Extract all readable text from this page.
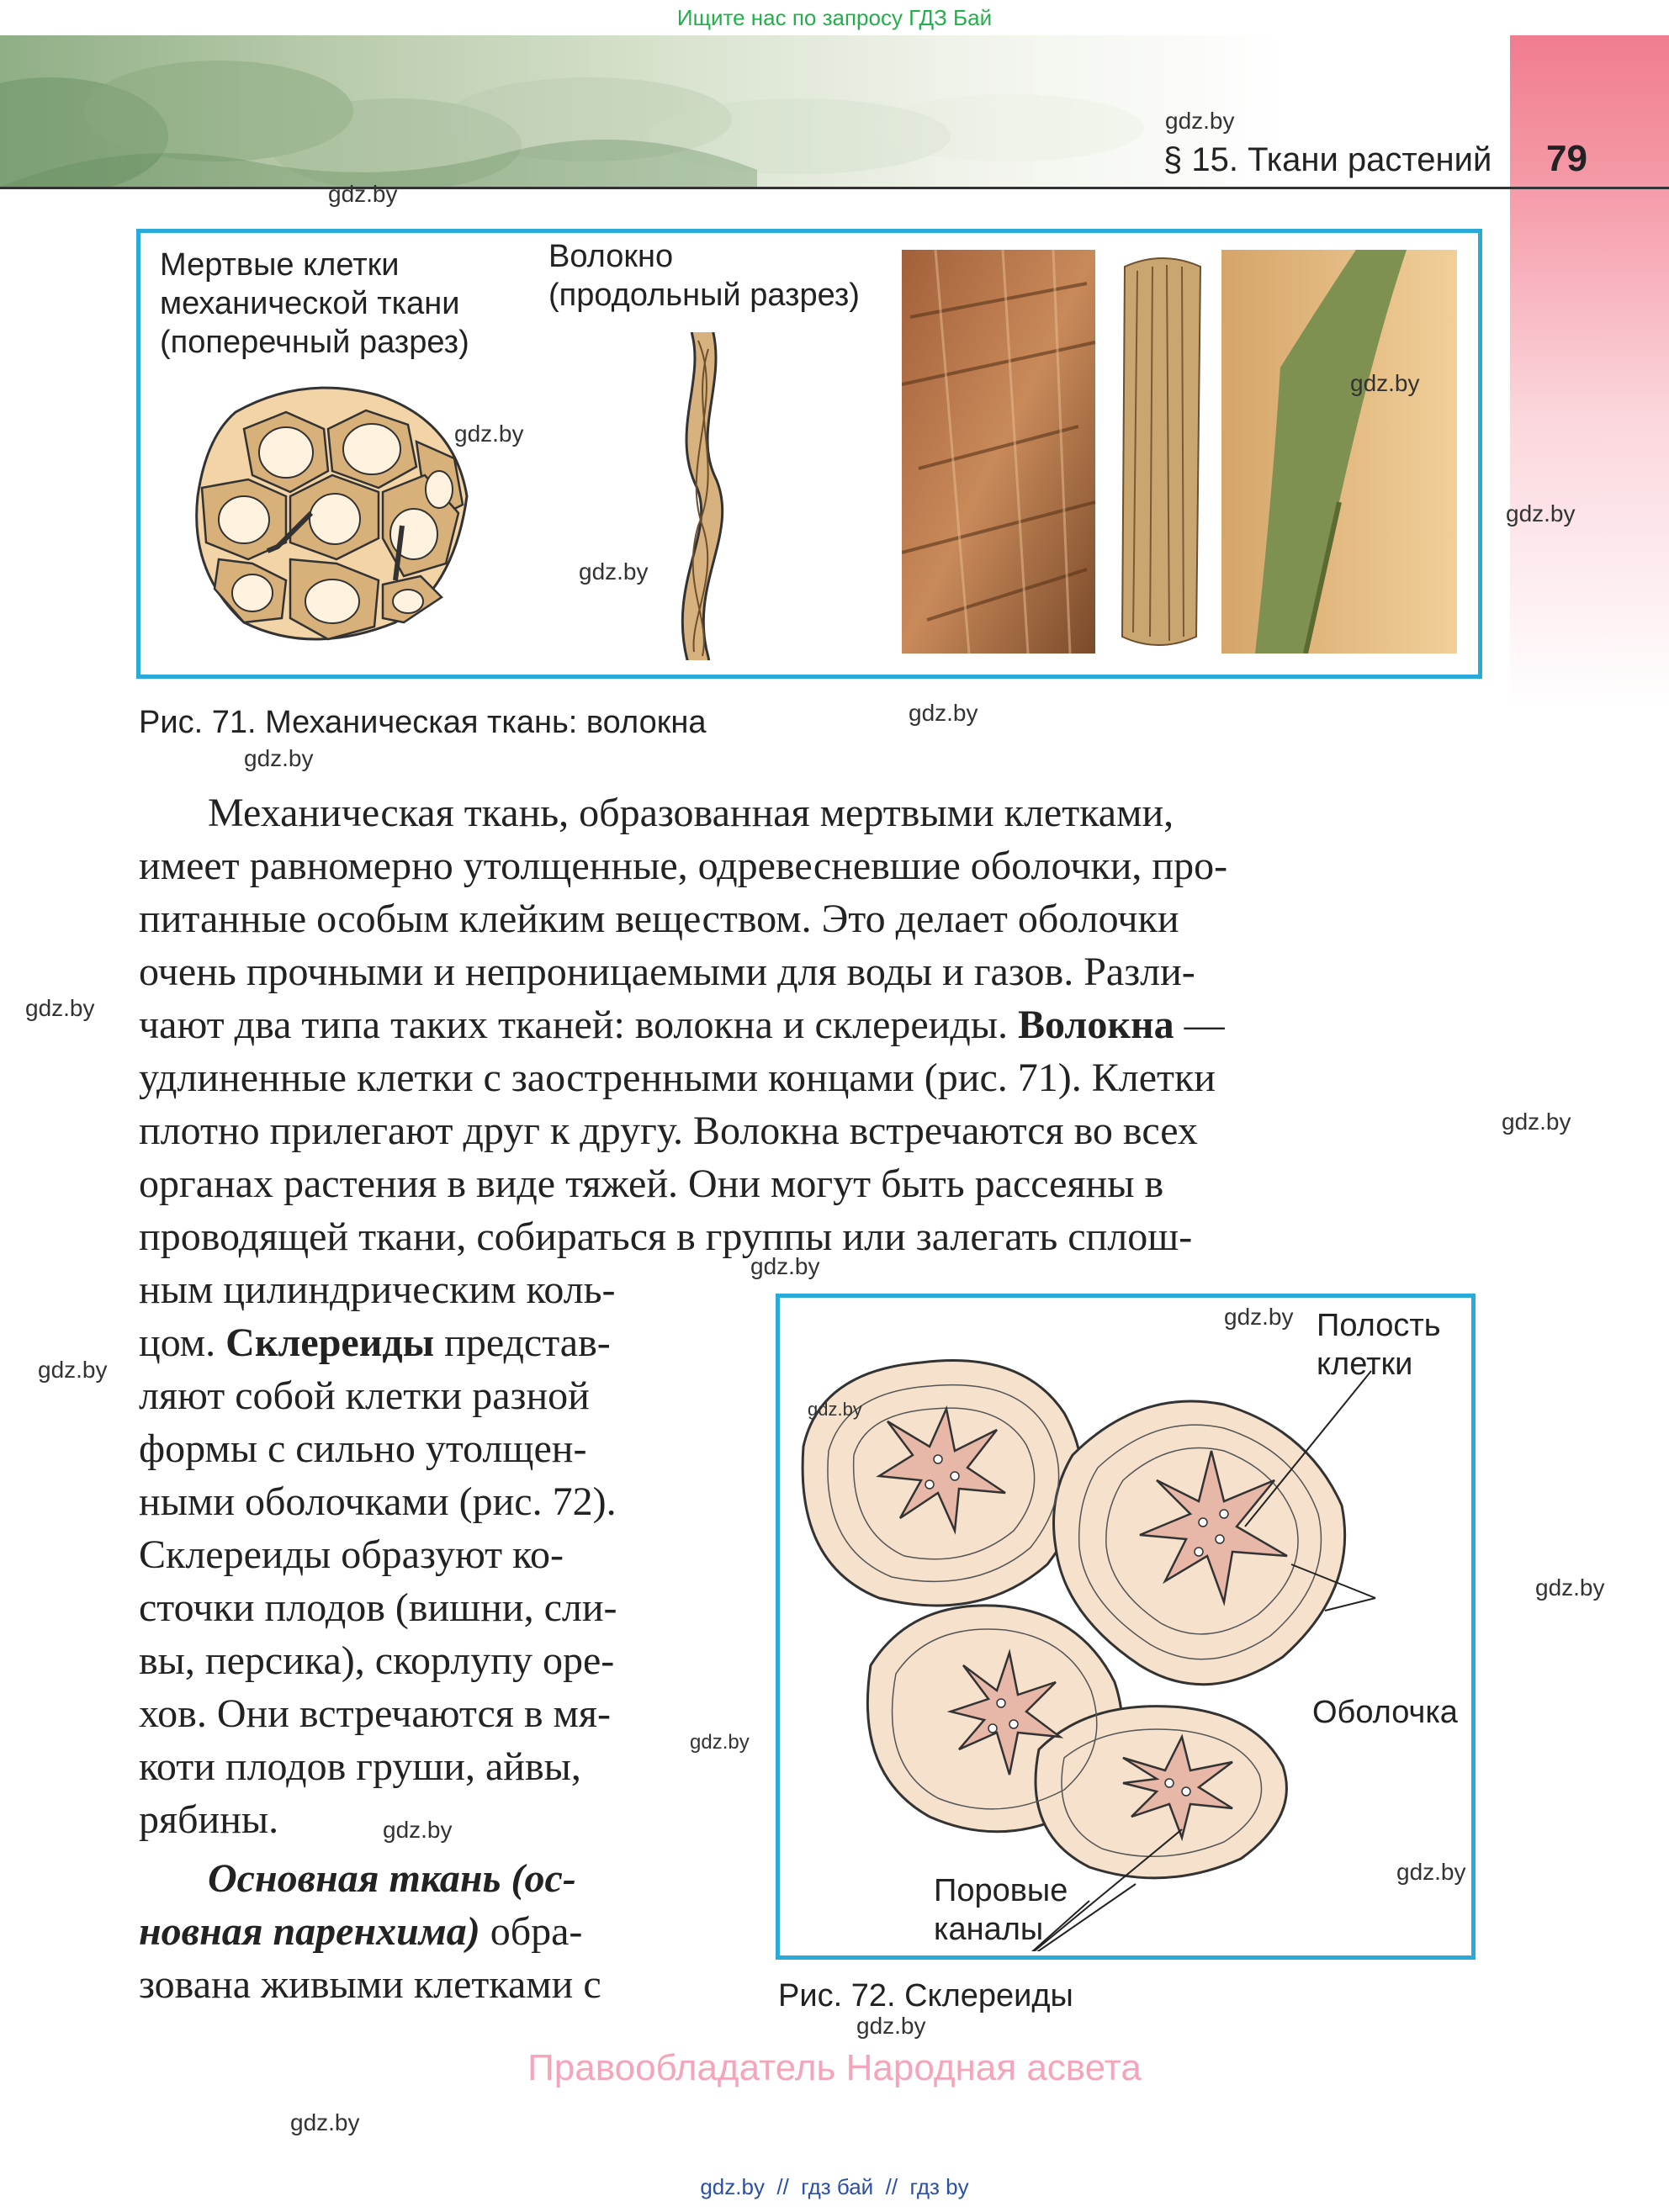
Ищите нас по запросу ГДЗ Бай
gdz.by
§ 15. Ткани растений 79
gdz.by
Мертвые клетки
механической ткани
(поперечный разрез)
Волокно
(продольный разрез)
gdz.by
gdz.by
gdz.by
gdz.by
Рис. 71. Механическая ткань: волокна	gdz.by
gdz.by
Механическая ткань, образованная мертвыми клетками,
имеет равномерно утолщенные, одревесневшие оболочки, про-
питанные особым клейким веществом. Это делает оболочки
очень прочными и непроницаемыми для воды и газов. Разли-
чают два типа таких тканей: волокна и склереиды. Волокна —
удлиненные клетки с заостренными концами (рис. 71). Клетки
плотно прилегают друг к другу. Волокна встречаются во всех
органах растения в виде тяжей. Они могут быть рассеяны в
проводящей ткани, собираться в группы или залегать сплош-
gdz.by
gdz.by
gdz.by
ным цилиндрическим коль-
цом. Склереиды представ-
ляют собой клетки разной
формы с сильно утолщен-
ными оболочками (рис. 72).
Склереиды образуют ко-
сточки плодов (вишни, сли-
вы, персика), скорлупу оре-
хов. Они встречаются в мя-
коти плодов груши, айвы,
рябины.
gdz.by
gdz.by
gdz.by
Основная ткань (ос-
новная паренхима) обра-
зована живыми клетками с
gdz.by
gdz.by
Полость
клетки
Оболочка
Поровые
каналы
gdz.by
gdz.by
Рис. 72. Склереиды
gdz.by
Правообладатель Народная асвета
gdz.by
gdz.by  //  гдз бай  //  гдз by
